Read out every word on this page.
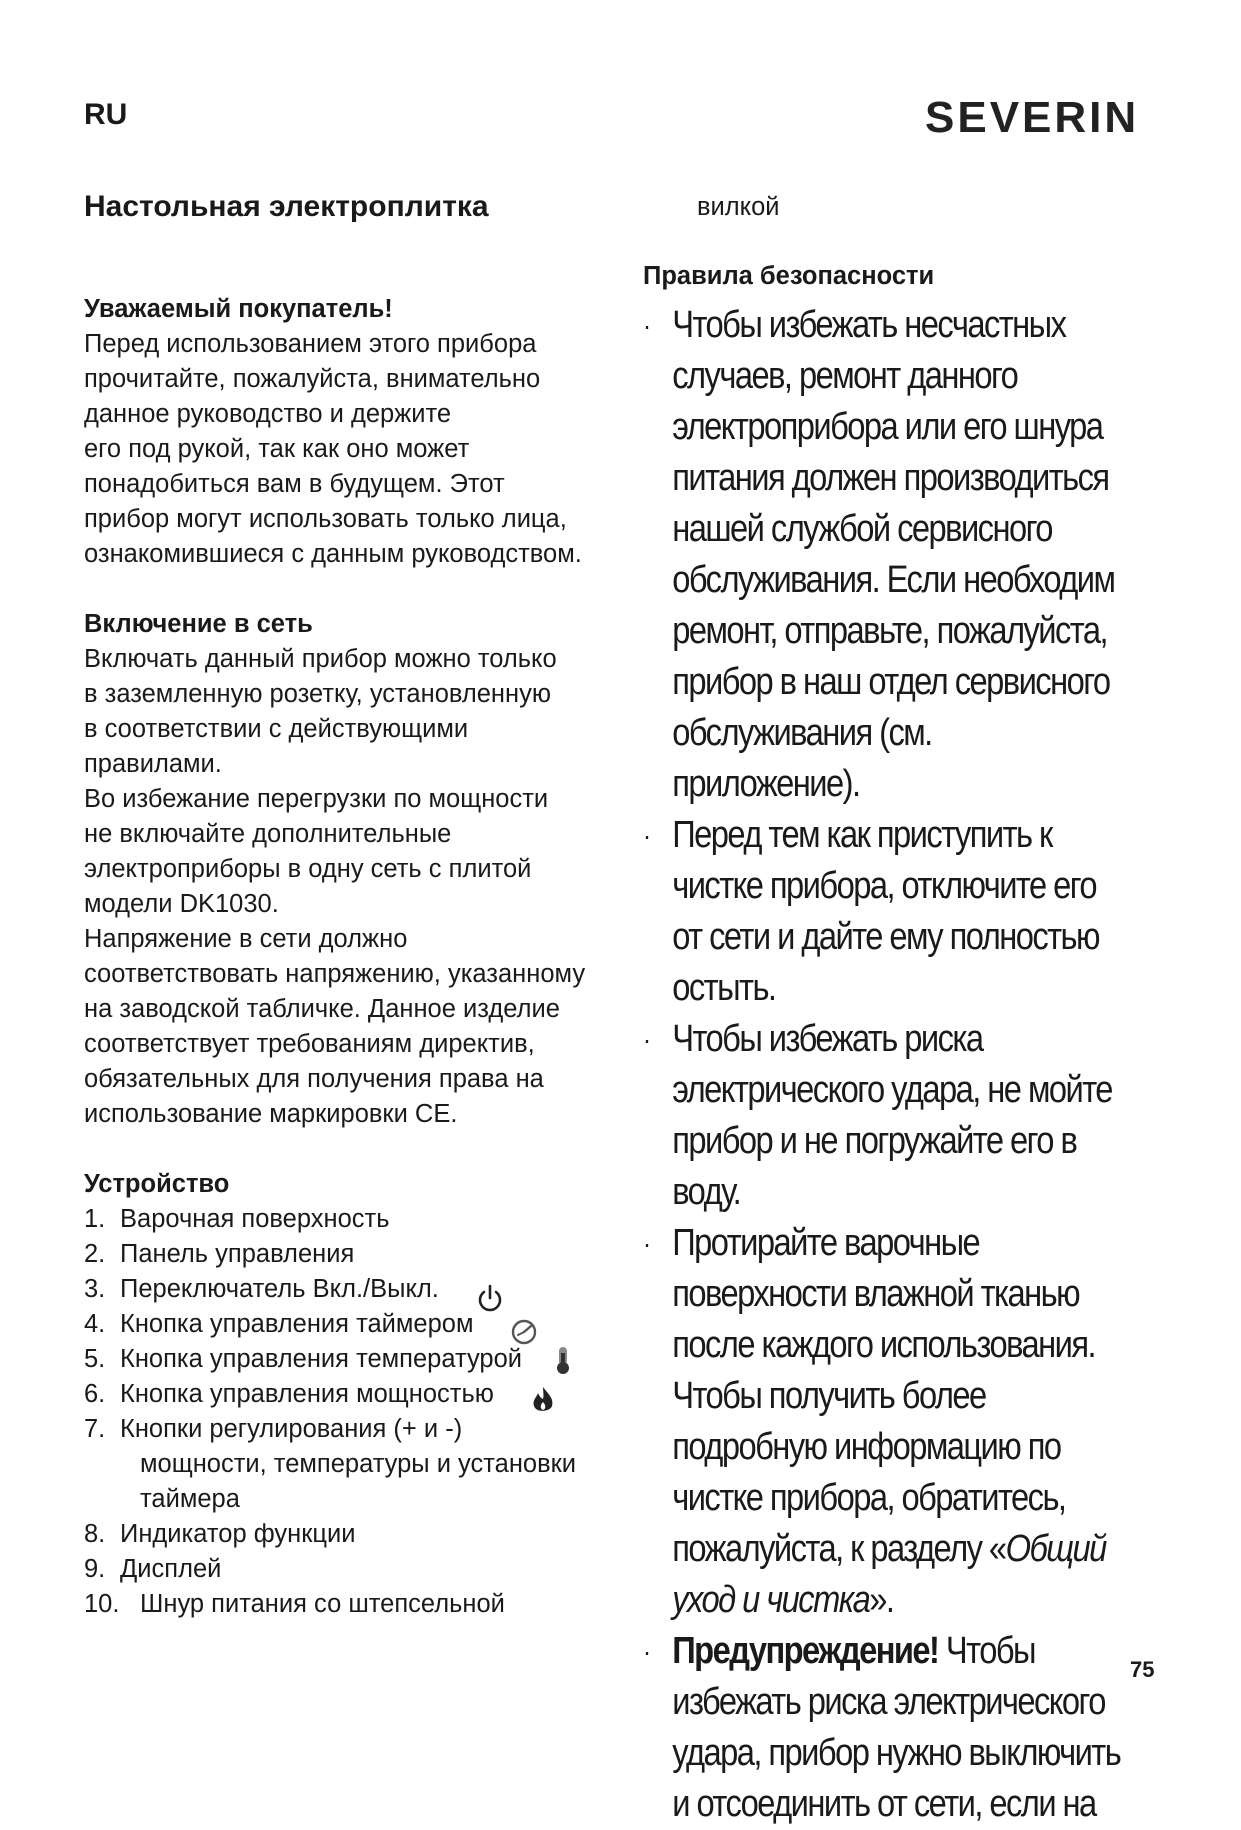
RU	SEVERIN
Настольная электроплитка

Уважаемый покупатель!

Перед использованием этого прибора

прочитайте, пожалуйста, внимательно

данное руководство и держите

его под рукой, так как оно может

понадобиться вам в будущем. Этот

прибор могут использовать только лица,

ознакомившиеся с данным руководством.

Включение в сеть

Включать данный прибор можно только

в заземленную розетку, установленную

в соответствии с действующими

правилами.

Во избежание перегрузки по мощности

не включайте дополнительные

электроприборы в одну сеть с плитой

модели DK1030.

Напряжение в сети должно

соответствовать напряжению, указанному

на заводской табличке. Данное изделие

соответствует требованиям директив,

обязательных для получения права на

использование маркировки CE.

Устройство

1. Варочная поверхность
2. Панель управления
3. Переключатель Вкл./Выкл.
4. Кнопка управления таймером
5. Кнопка управления температурой
6. Кнопка управления мощностью
7. Кнопки регулирования (+ и -)
мощности, температуры и установки
таймера
8. Индикатор функции
9. Дисплей
10. Шнур питания со штепсельной
вилкой
Правила безопасности
· Чтобы избежать несчастных случаев, ремонт данного электроприбора или его шнура питания должен производиться нашей службой сервисного обслуживания. Если необходим ремонт, отправьте, пожалуйста, прибор в наш отдел сервисного обслуживания (см. приложение).
· Перед тем как приступить к чистке прибора, отключите его от сети и дайте ему полностью остыть.
· Чтобы избежать риска электрического удара, не мойте прибор и не погружайте его в воду.
· Протирайте варочные поверхности влажной тканью после каждого использования. Чтобы получить более подробную информацию по чистке прибора, обратитесь, пожалуйста, к разделу «Общий уход и чистка».
· Предупреждение! Чтобы избежать риска электрического удара, прибор нужно выключить и отсоединить от сети, если на
75
